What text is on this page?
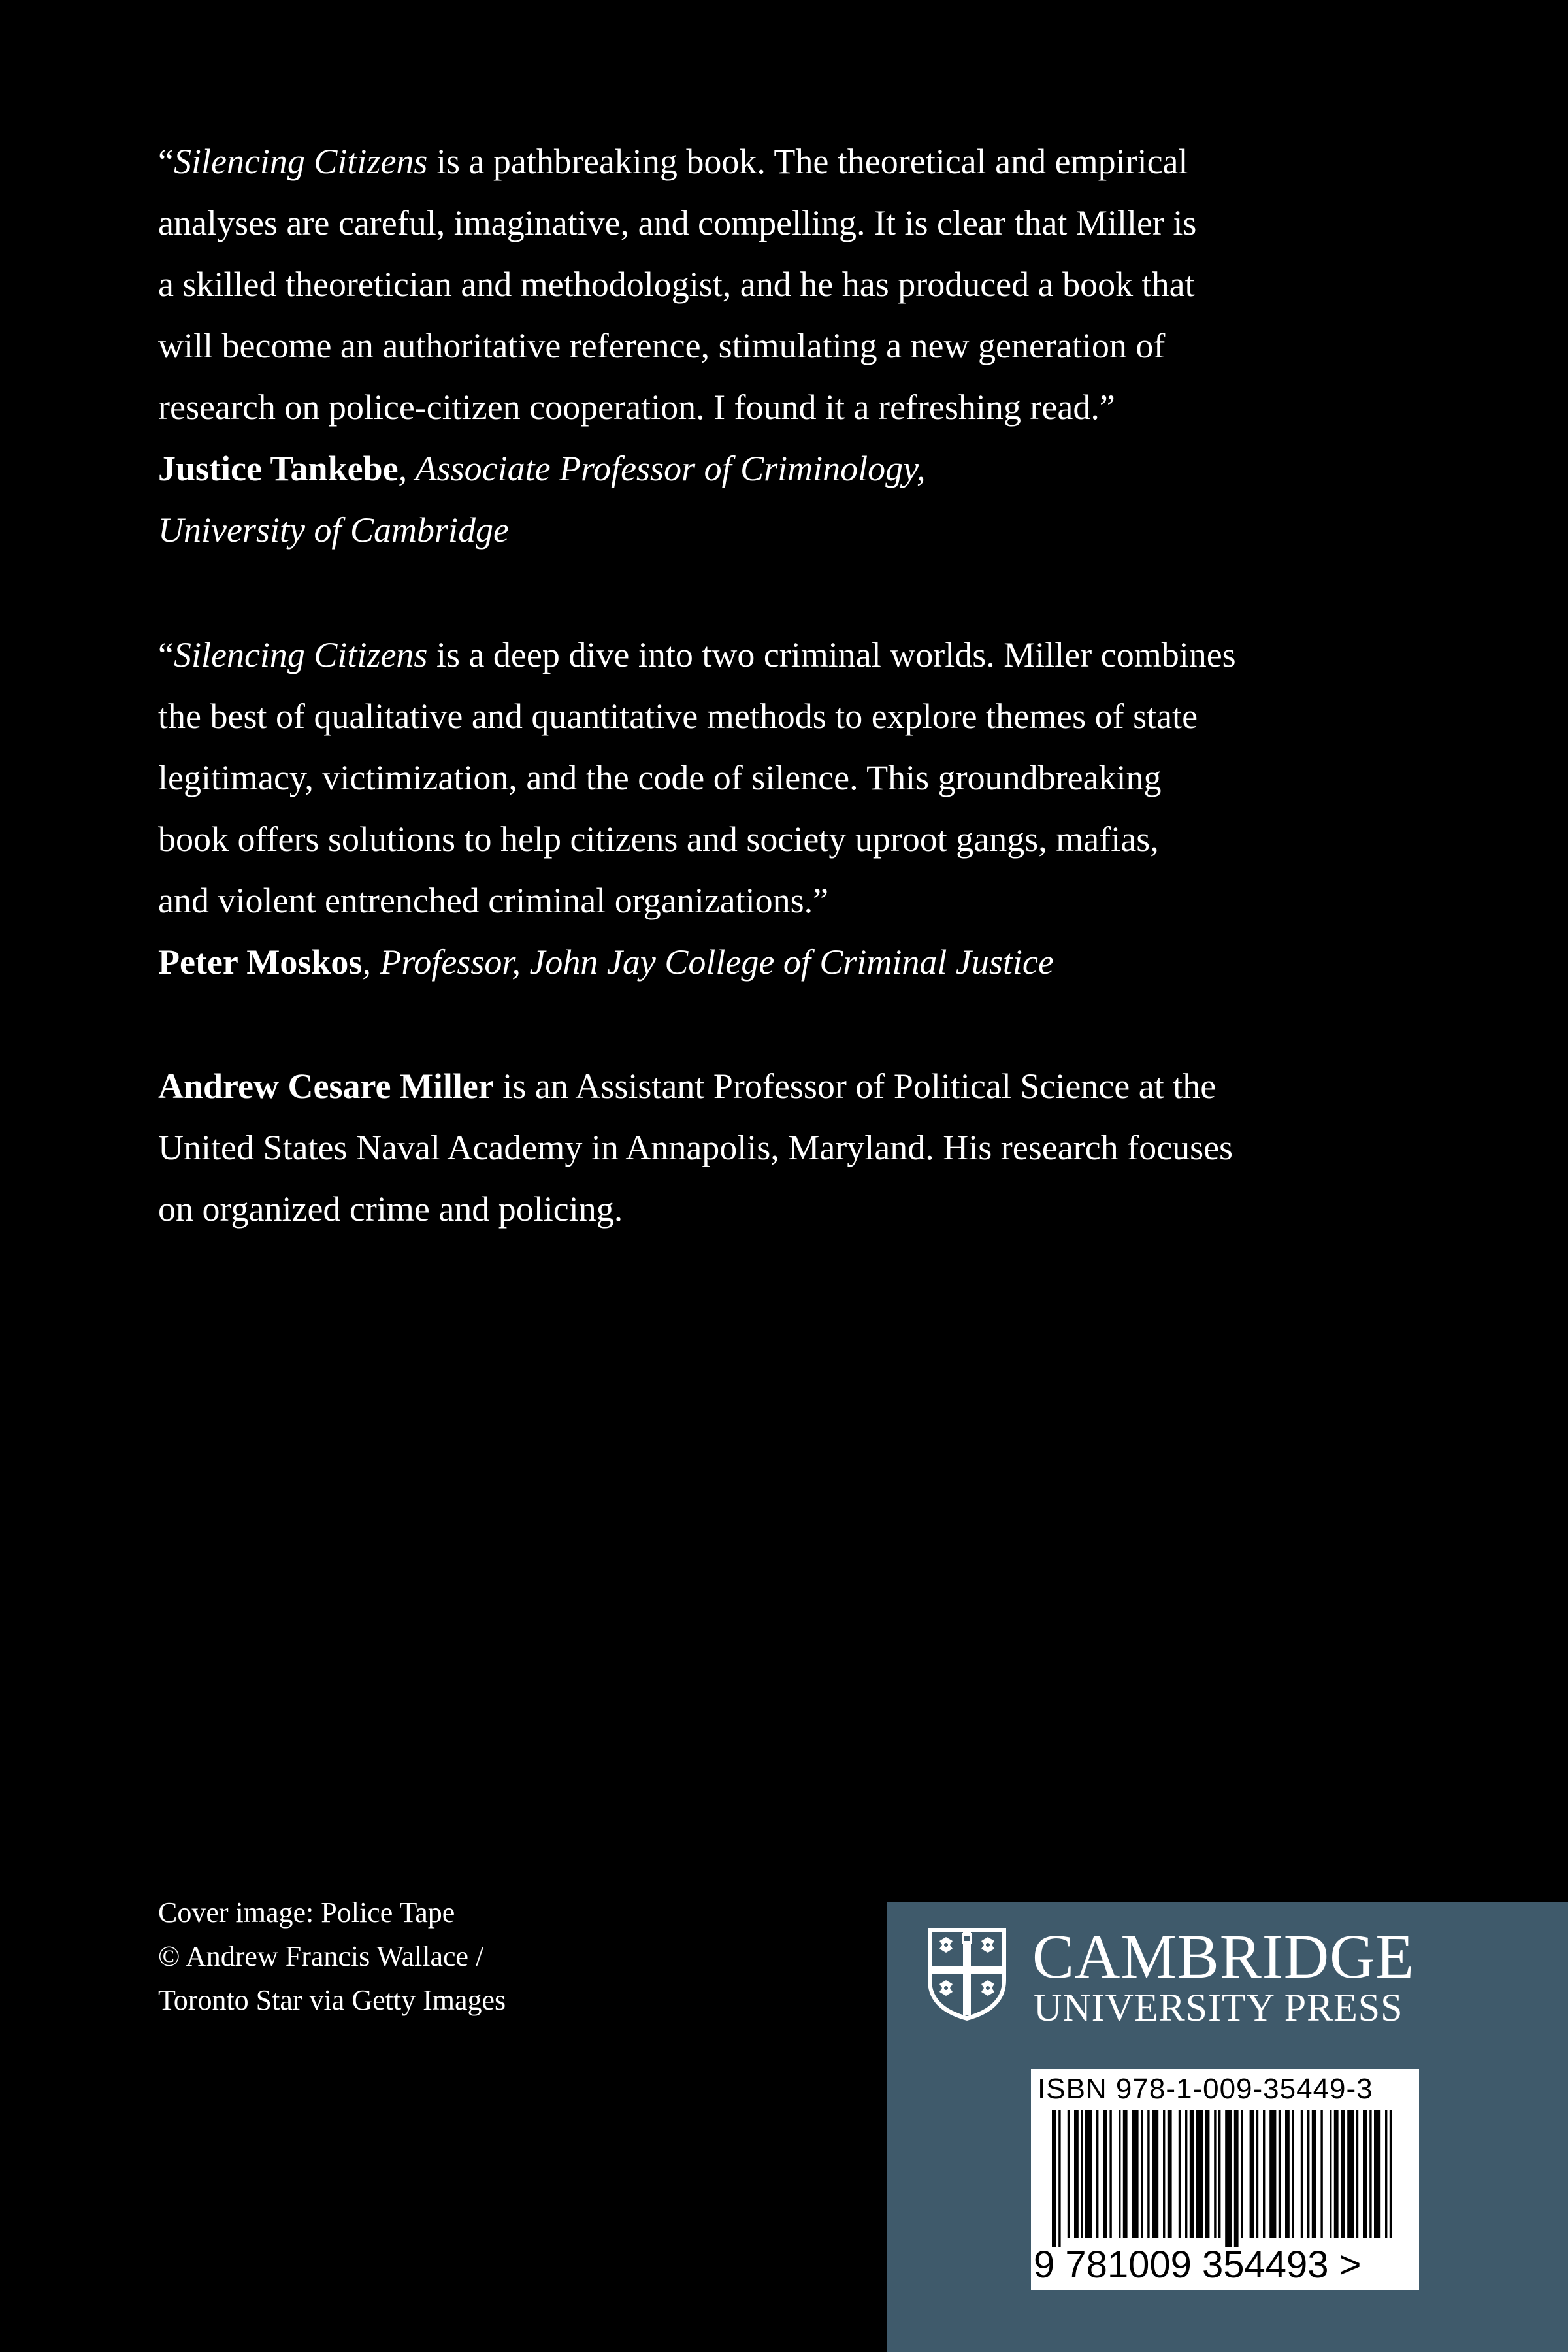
“Silencing Citizens is a pathbreaking book. The theoretical and empirical
analyses are careful, imaginative, and compelling. It is clear that Miller is
a skilled theoretician and methodologist, and he has produced a book that
will become an authoritative reference, stimulating a new generation of
research on police-citizen cooperation. I found it a refreshing read.”
Justice Tankebe, Associate Professor of Criminology,
University of Cambridge
“Silencing Citizens is a deep dive into two criminal worlds. Miller combines
the best of qualitative and quantitative methods to explore themes of state
legitimacy, victimization, and the code of silence. This groundbreaking
book offers solutions to help citizens and society uproot gangs, mafias,
and violent entrenched criminal organizations.”
Peter Moskos, Professor, John Jay College of Criminal Justice
Andrew Cesare Miller is an Assistant Professor of Political Science at the
United States Naval Academy in Annapolis, Maryland. His research focuses
on organized crime and policing.
Cover image: Police Tape
© Andrew Francis Wallace /
Toronto Star via Getty Images
CAMBRIDGE
UNIVERSITY PRESS
ISBN 978-1-009-35449-3
9 781009 354493 >
